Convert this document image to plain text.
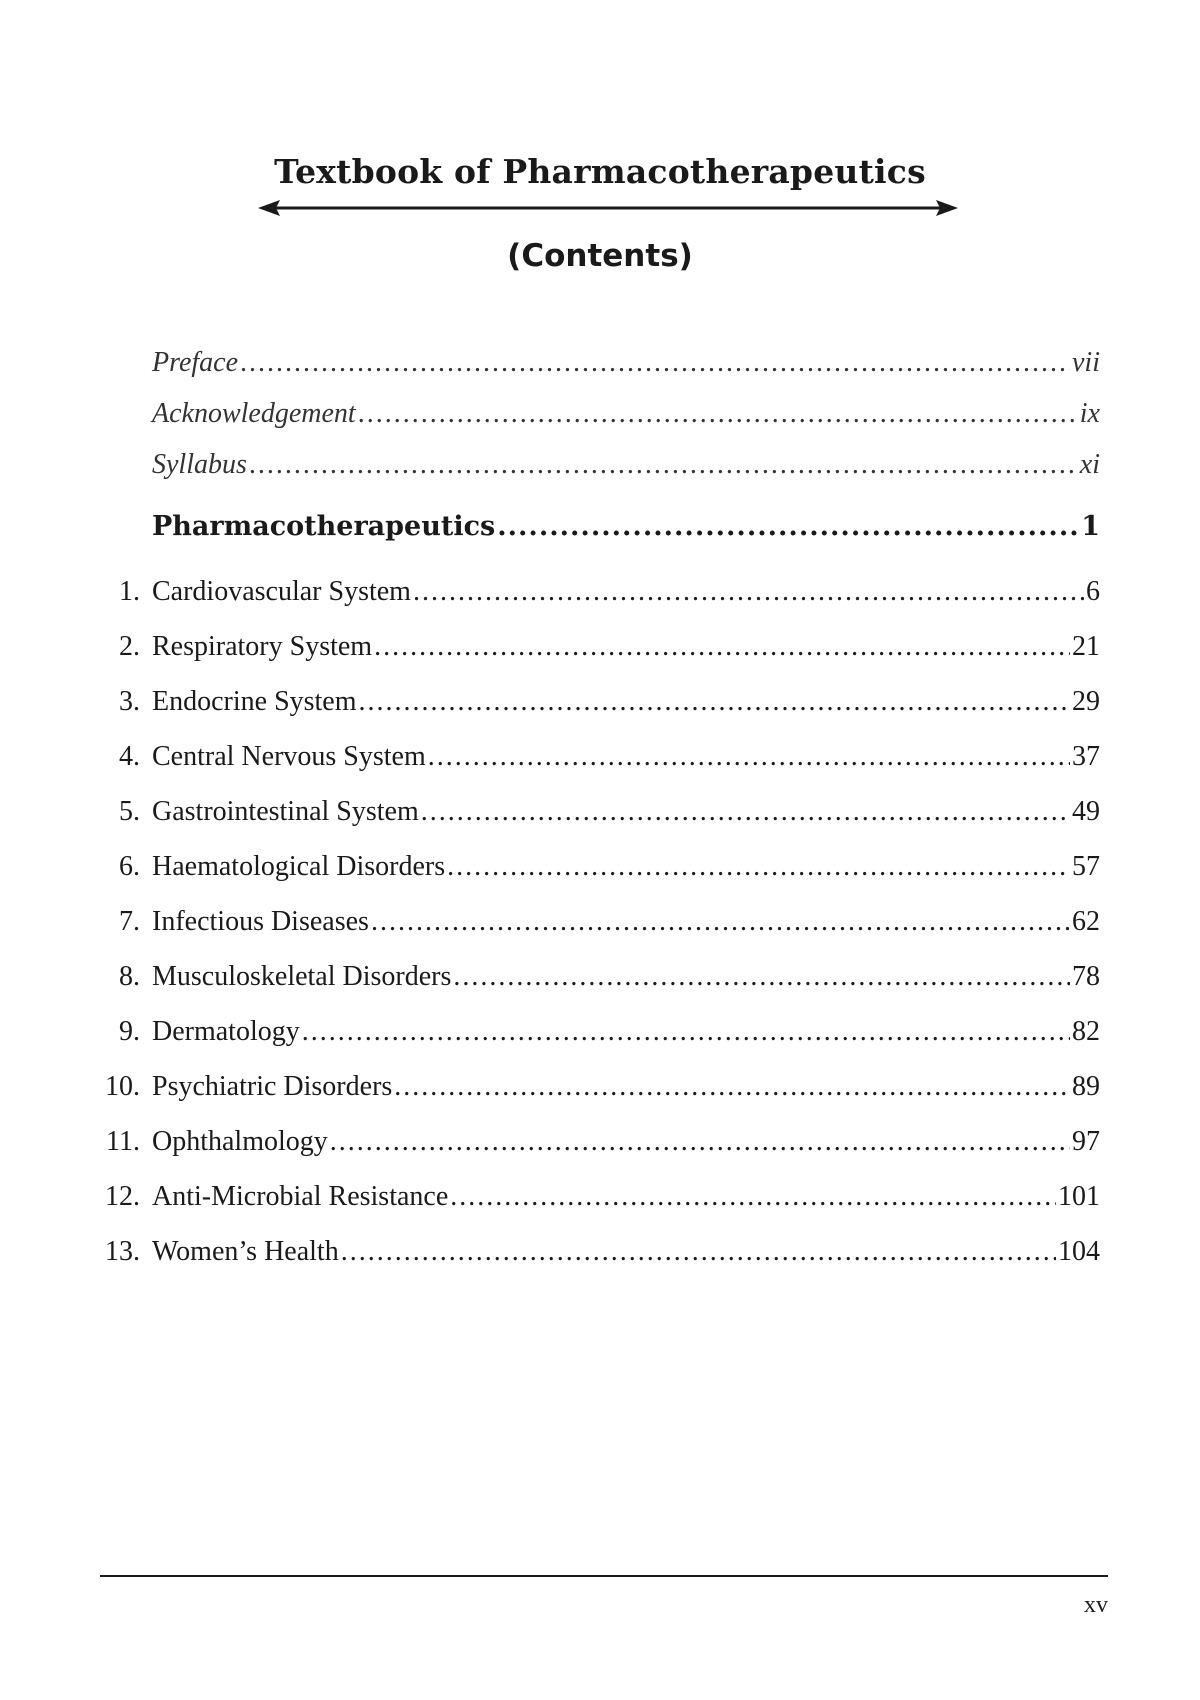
Textbook of Pharmacotherapeutics
(Contents)
Preface .....	vii
Acknowledgement .....	ix
Syllabus .....	xi
Pharmacotherapeutics .....	1
1. Cardiovascular System .....	6
2. Respiratory System .....	21
3. Endocrine System .....	29
4. Central Nervous System .....	37
5. Gastrointestinal System .....	49
6. Haematological Disorders .....	57
7. Infectious Diseases .....	62
8. Musculoskeletal Disorders .....	78
9. Dermatology .....	82
10. Psychiatric Disorders .....	89
11. Ophthalmology .....	97
12. Anti-Microbial Resistance .....	101
13. Women’s Health .....	104
xv
